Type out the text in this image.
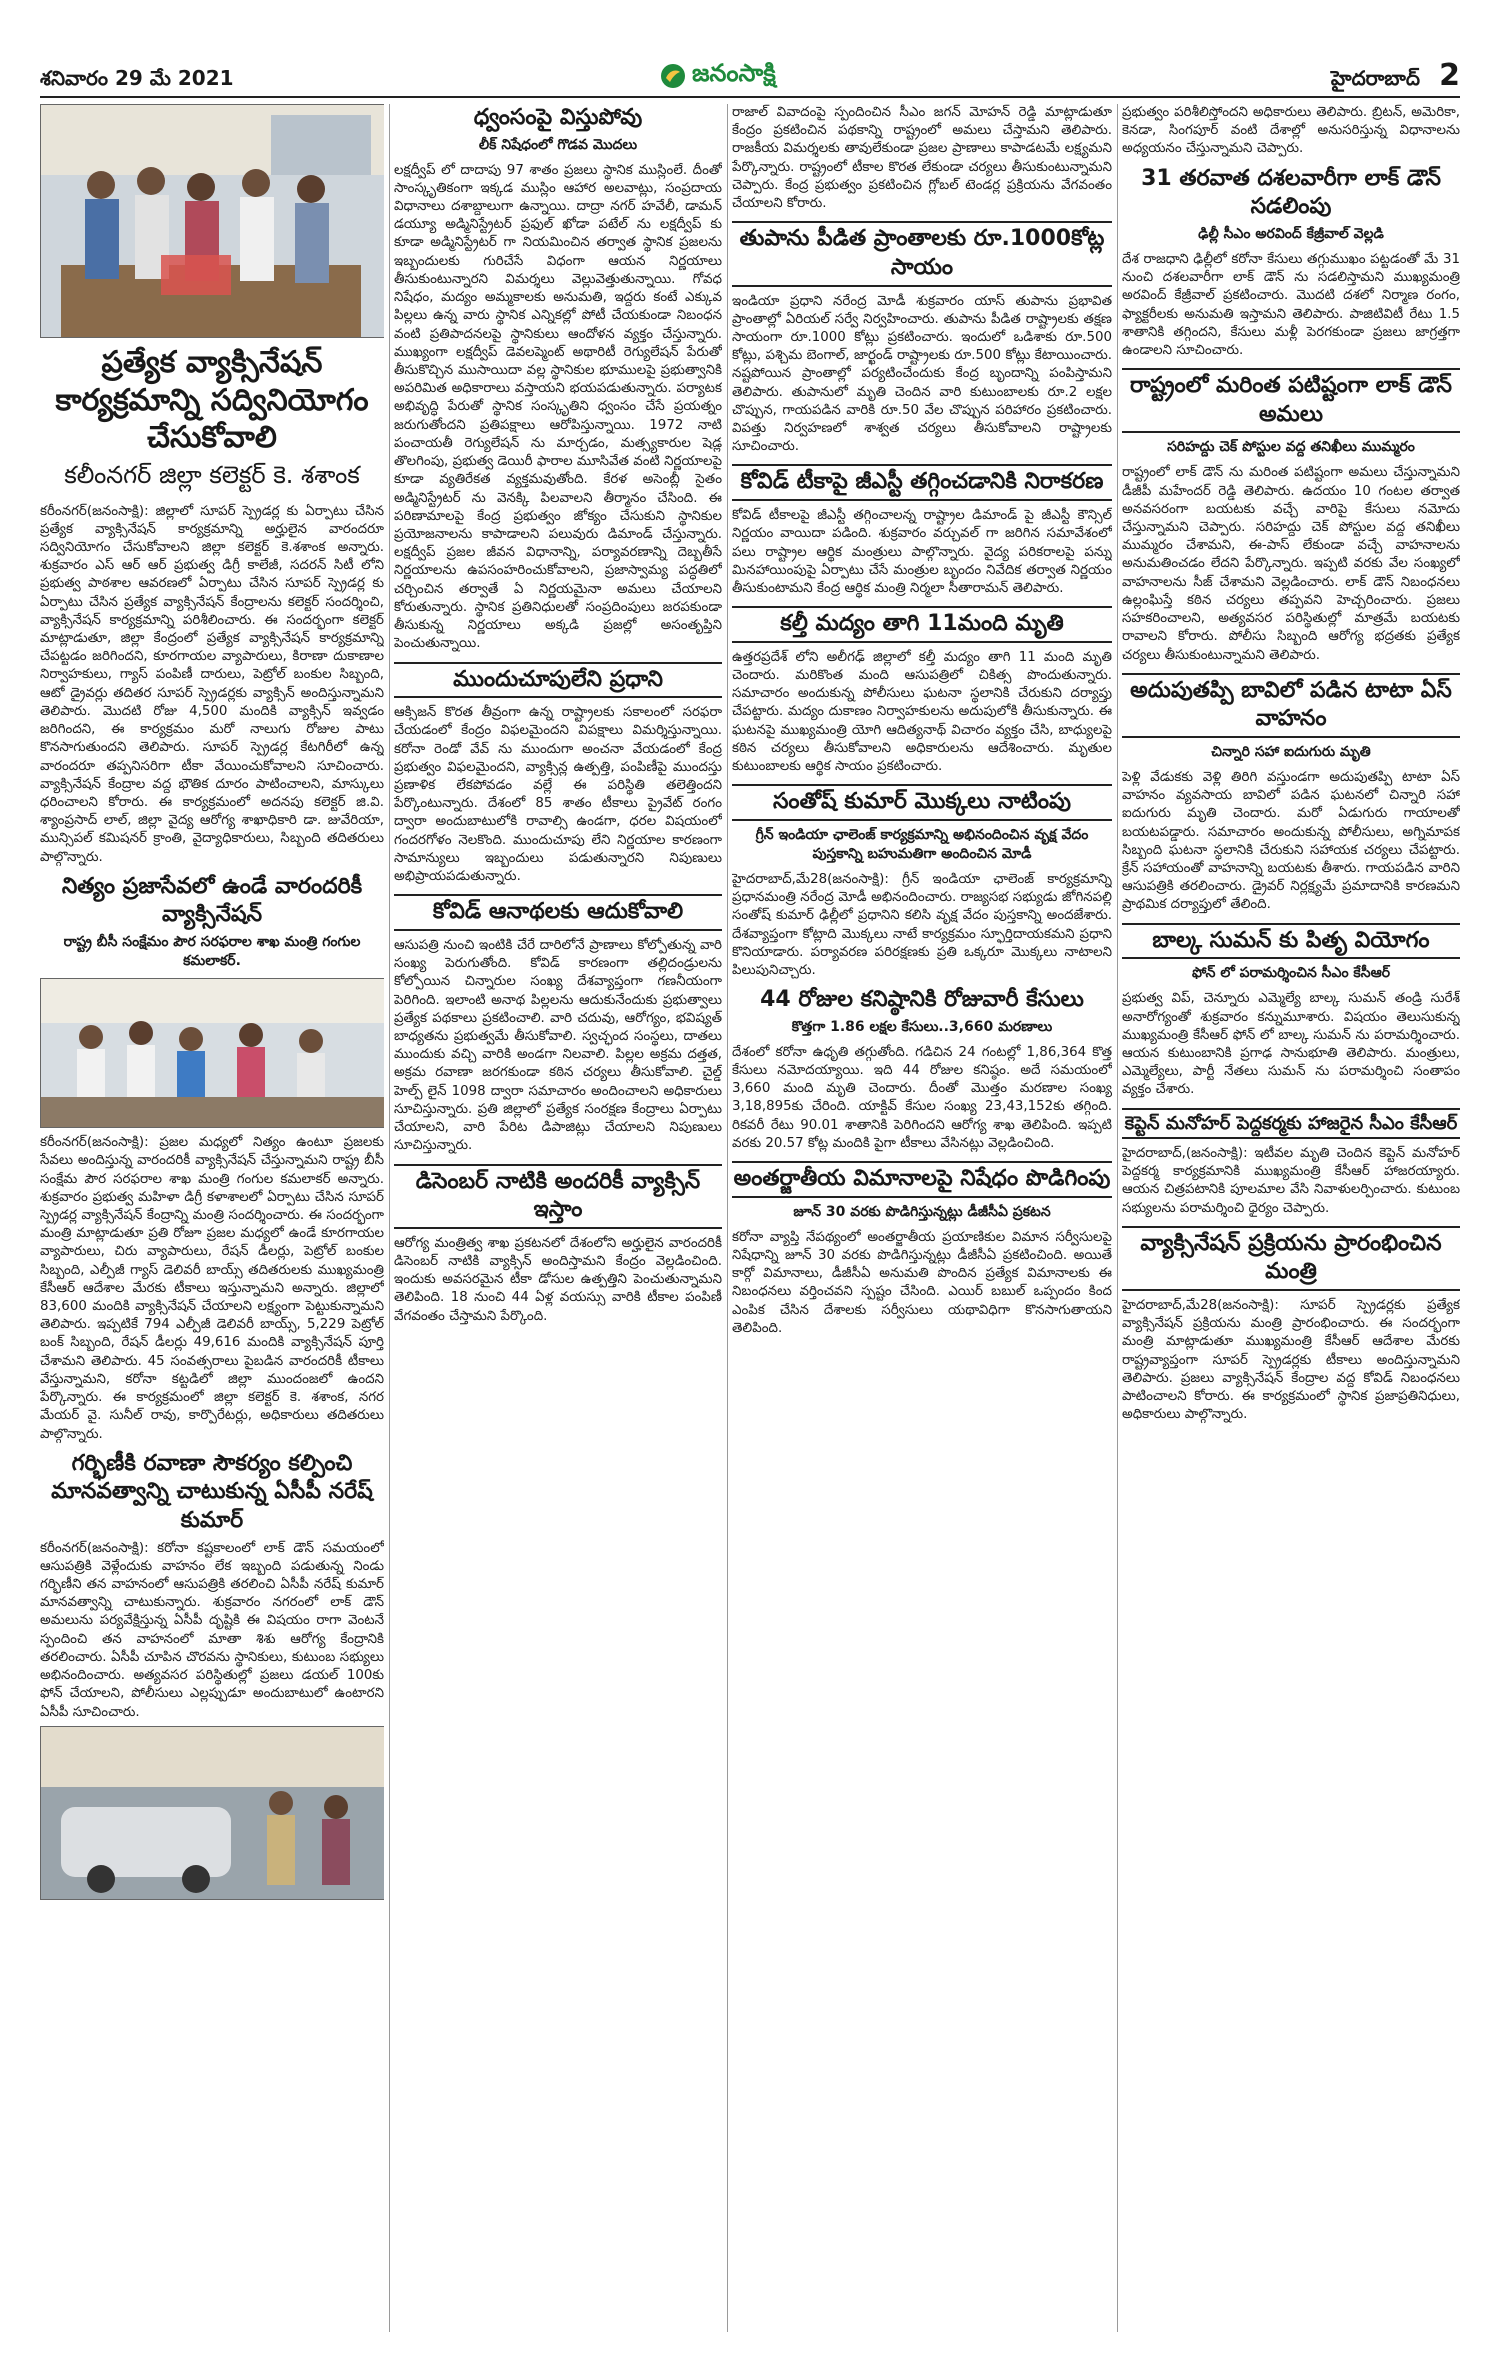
శనివారం 29 మే 2021	జనంసాక్షి	హైదరాబాద్ 2
ప్రత్యేక వ్యాక్సినేషన్ కార్యక్రమాన్ని సద్వినియోగం చేసుకోవాలి
కలీంనగర్ జిల్లా కలెక్టర్ కె. శశాంక

కరీంనగర్(జనంసాక్షి): జిల్లాలో సూపర్ స్ప్రెడర్ల కు ఏర్పాటు చేసిన ప్రత్యేక వ్యాక్సినేషన్ కార్యక్రమాన్ని అర్హులైన వారందరూ సద్వినియోగం చేసుకోవాలని జిల్లా కలెక్టర్ కె.శశాంక అన్నారు. శుక్రవారం ఎస్ ఆర్ ఆర్ ప్రభుత్వ డిగ్రీ కాలేజీ, సదరన్ సిటీ లోని ప్రభుత్వ పాఠశాల ఆవరణలో ఏర్పాటు చేసిన సూపర్ స్ప్రెడర్ల కు ఏర్పాటు చేసిన ప్రత్యేక వ్యాక్సినేషన్ కేంద్రాలను కలెక్టర్ సందర్శించి, వ్యాక్సినేషన్ కార్యక్రమాన్ని పరిశీలించారు. ఈ సందర్భంగా కలెక్టర్ మాట్లాడుతూ, జిల్లా కేంద్రంలో ప్రత్యేక వ్యాక్సినేషన్ కార్యక్రమాన్ని చేపట్టడం జరిగిందని, కూరగాయల వ్యాపారులు, కిరాణా దుకాణాల నిర్వాహకులు, గ్యాస్ పంపిణీ దారులు, పెట్రోల్ బంకుల సిబ్బంది, ఆటో డ్రైవర్లు తదితర సూపర్ స్ప్రెడర్లకు వ్యాక్సిన్ అందిస్తున్నామని తెలిపారు. మొదటి రోజు 4,500 మందికి వ్యాక్సిన్ ఇవ్వడం జరిగిందని, ఈ కార్యక్రమం మరో నాలుగు రోజుల పాటు కొనసాగుతుందని తెలిపారు. సూపర్ స్ప్రెడర్ల కేటగిరీలో ఉన్న వారందరూ తప్పనిసరిగా టీకా వేయించుకోవాలని సూచించారు. వ్యాక్సినేషన్ కేంద్రాల వద్ద భౌతిక దూరం పాటించాలని, మాస్కులు ధరించాలని కోరారు. ఈ కార్యక్రమంలో అదనపు కలెక్టర్ జి.వి. శ్యాంప్రసాద్ లాల్, జిల్లా వైద్య ఆరోగ్య శాఖాధికారి డా. జువేరియా, మున్సిపల్ కమిషనర్ క్రాంతి, వైద్యాధికారులు, సిబ్బంది తదితరులు పాల్గొన్నారు.

నిత్యం ప్రజాసేవలో ఉండే వారందరికీ వ్యాక్సినేషన్
రాష్ట్ర బీసీ సంక్షేమం పౌర సరఫరాల శాఖ మంత్రి గంగుల కమలాకర్.

కరీంనగర్(జనంసాక్షి): ప్రజల మధ్యలో నిత్యం ఉంటూ ప్రజలకు సేవలు అందిస్తున్న వారందరికీ వ్యాక్సినేషన్ చేస్తున్నామని రాష్ట్ర బీసీ సంక్షేమ పౌర సరఫరాల శాఖ మంత్రి గంగుల కమలాకర్ అన్నారు. శుక్రవారం ప్రభుత్వ మహిళా డిగ్రీ కళాశాలలో ఏర్పాటు చేసిన సూపర్ స్ప్రెడర్ల వ్యాక్సినేషన్ కేంద్రాన్ని మంత్రి సందర్శించారు. ఈ సందర్భంగా మంత్రి మాట్లాడుతూ ప్రతి రోజూ ప్రజల మధ్యలో ఉండే కూరగాయల వ్యాపారులు, చిరు వ్యాపారులు, రేషన్ డీలర్లు, పెట్రోల్ బంకుల సిబ్బంది, ఎల్పీజీ గ్యాస్ డెలివరీ బాయ్స్ తదితరులకు ముఖ్యమంత్రి కేసీఆర్ ఆదేశాల మేరకు టీకాలు ఇస్తున్నామని అన్నారు. జిల్లాలో 83,600 మందికి వ్యాక్సినేషన్ చేయాలని లక్ష్యంగా పెట్టుకున్నామని తెలిపారు. ఇప్పటికే 794 ఎల్పీజీ డెలివరీ బాయ్స్, 5,229 పెట్రోల్ బంక్ సిబ్బంది, రేషన్ డీలర్లు 49,616 మందికి వ్యాక్సినేషన్ పూర్తి చేశామని తెలిపారు. 45 సంవత్సరాలు పైబడిన వారందరికీ టీకాలు వేస్తున్నామని, కరోనా కట్టడిలో జిల్లా ముందంజలో ఉందని పేర్కొన్నారు. ఈ కార్యక్రమంలో జిల్లా కలెక్టర్ కె. శశాంక, నగర మేయర్ వై. సునీల్ రావు, కార్పొరేటర్లు, అధికారులు తదితరులు పాల్గొన్నారు.

గర్భిణీకి రవాణా సౌకర్యం కల్పించి మానవత్వాన్ని చాటుకున్న ఏసీపీ నరేష్ కుమార్

కరీంనగర్(జనంసాక్షి): కరోనా కష్టకాలంలో లాక్ డౌన్ సమయంలో ఆసుపత్రికి వెళ్లేందుకు వాహనం లేక ఇబ్బంది పడుతున్న నిండు గర్భిణీని తన వాహనంలో ఆసుపత్రికి తరలించి ఏసీపీ నరేష్ కుమార్ మానవత్వాన్ని చాటుకున్నారు. శుక్రవారం నగరంలో లాక్ డౌన్ అమలును పర్యవేక్షిస్తున్న ఏసీపీ దృష్టికి ఈ విషయం రాగా వెంటనే స్పందించి తన వాహనంలో మాతా శిశు ఆరోగ్య కేంద్రానికి తరలించారు. ఏసీపీ చూపిన చొరవను స్థానికులు, కుటుంబ సభ్యులు అభినందించారు. అత్యవసర పరిస్థితుల్లో ప్రజలు డయల్ 100కు ఫోన్ చేయాలని, పోలీసులు ఎల్లప్పుడూ అందుబాటులో ఉంటారని ఏసీపీ సూచించారు.

ధ్వంసంపై విస్తుపోవు
లీక్ నిషేధంలో గొడవ మొదలు

లక్షద్వీప్ లో దాదాపు 97 శాతం ప్రజలు స్థానిక ముస్లింలే. దీంతో సాంస్కృతికంగా ఇక్కడ ముస్లిం ఆహార అలవాట్లు, సంప్రదాయ విధానాలు దశాబ్దాలుగా ఉన్నాయి. దాద్రా నగర్ హవేలీ, డామన్ డయ్యూ అడ్మినిస్ట్రేటర్ ప్రఫుల్ ఖోడా పటేల్ ను లక్షద్వీప్ కు కూడా అడ్మినిస్ట్రేటర్ గా నియమించిన తర్వాత స్థానిక ప్రజలను ఇబ్బందులకు గురిచేసే విధంగా ఆయన నిర్ణయాలు తీసుకుంటున్నారని విమర్శలు వెల్లువెత్తుతున్నాయి. గోవధ నిషేధం, మద్యం అమ్మకాలకు అనుమతి, ఇద్దరు కంటే ఎక్కువ పిల్లలు ఉన్న వారు స్థానిక ఎన్నికల్లో పోటీ చేయకుండా నిబంధన వంటి ప్రతిపాదనలపై స్థానికులు ఆందోళన వ్యక్తం చేస్తున్నారు. ముఖ్యంగా లక్షద్వీప్ డెవలప్మెంట్ అథారిటీ రెగ్యులేషన్ పేరుతో తీసుకొచ్చిన ముసాయిదా వల్ల స్థానికుల భూములపై ప్రభుత్వానికి అపరిమిత అధికారాలు వస్తాయని భయపడుతున్నారు. పర్యాటక అభివృద్ధి పేరుతో స్థానిక సంస్కృతిని ధ్వంసం చేసే ప్రయత్నం జరుగుతోందని ప్రతిపక్షాలు ఆరోపిస్తున్నాయి. 1972 నాటి పంచాయతీ రెగ్యులేషన్ ను మార్చడం, మత్స్యకారుల షెడ్ల తొలగింపు, ప్రభుత్వ డెయిరీ ఫారాల మూసివేత వంటి నిర్ణయాలపై కూడా వ్యతిరేకత వ్యక్తమవుతోంది. కేరళ అసెంబ్లీ సైతం అడ్మినిస్ట్రేటర్ ను వెనక్కి పిలవాలని తీర్మానం చేసింది. ఈ పరిణామాలపై కేంద్ర ప్రభుత్వం జోక్యం చేసుకుని స్థానికుల ప్రయోజనాలను కాపాడాలని పలువురు డిమాండ్ చేస్తున్నారు. లక్షద్వీప్ ప్రజల జీవన విధానాన్ని, పర్యావరణాన్ని దెబ్బతీసే నిర్ణయాలను ఉపసంహరించుకోవాలని, ప్రజాస్వామ్య పద్ధతిలో చర్చించిన తర్వాతే ఏ నిర్ణయమైనా అమలు చేయాలని కోరుతున్నారు. స్థానిక ప్రతినిధులతో సంప్రదింపులు జరపకుండా తీసుకున్న నిర్ణయాలు అక్కడి ప్రజల్లో అసంతృప్తిని పెంచుతున్నాయి.

ముందుచూపులేని ప్రధాని

ఆక్సిజన్ కొరత తీవ్రంగా ఉన్న రాష్ట్రాలకు సకాలంలో సరఫరా చేయడంలో కేంద్రం విఫలమైందని విపక్షాలు విమర్శిస్తున్నాయి. కరోనా రెండో వేవ్ ను ముందుగా అంచనా వేయడంలో కేంద్ర ప్రభుత్వం విఫలమైందని, వ్యాక్సిన్ల ఉత్పత్తి, పంపిణీపై ముందస్తు ప్రణాళిక లేకపోవడం వల్లే ఈ పరిస్థితి తలెత్తిందని పేర్కొంటున్నారు. దేశంలో 85 శాతం టీకాలు ప్రైవేట్ రంగం ద్వారా అందుబాటులోకి రావాల్సి ఉండగా, ధరల విషయంలో గందరగోళం నెలకొంది. ముందుచూపు లేని నిర్ణయాల కారణంగా సామాన్యులు ఇబ్బందులు పడుతున్నారని నిపుణులు అభిప్రాయపడుతున్నారు.

కోవిడ్ ఆనాథలకు ఆదుకోవాలి

ఆసుపత్రి నుంచి ఇంటికి చేరే దారిలోనే ప్రాణాలు కోల్పోతున్న వారి సంఖ్య పెరుగుతోంది. కోవిడ్ కారణంగా తల్లిదండ్రులను కోల్పోయిన చిన్నారుల సంఖ్య దేశవ్యాప్తంగా గణనీయంగా పెరిగింది. ఇలాంటి అనాథ పిల్లలను ఆదుకునేందుకు ప్రభుత్వాలు ప్రత్యేక పథకాలు ప్రకటించాలి. వారి చదువు, ఆరోగ్యం, భవిష్యత్ బాధ్యతను ప్రభుత్వమే తీసుకోవాలి. స్వచ్ఛంద సంస్థలు, దాతలు ముందుకు వచ్చి వారికి అండగా నిలవాలి. పిల్లల అక్రమ దత్తత, అక్రమ రవాణా జరగకుండా కఠిన చర్యలు తీసుకోవాలి. చైల్డ్ హెల్ప్ లైన్ 1098 ద్వారా సమాచారం అందించాలని అధికారులు సూచిస్తున్నారు. ప్రతి జిల్లాలో ప్రత్యేక సంరక్షణ కేంద్రాలు ఏర్పాటు చేయాలని, వారి పేరిట డిపాజిట్లు చేయాలని నిపుణులు సూచిస్తున్నారు.

డిసెంబర్ నాటికి అందరికీ వ్యాక్సిన్ ఇస్తాం

ఆరోగ్య మంత్రిత్వ శాఖ ప్రకటనలో దేశంలోని అర్హులైన వారందరికీ డిసెంబర్ నాటికి వ్యాక్సిన్ అందిస్తామని కేంద్రం వెల్లడించింది. ఇందుకు అవసరమైన టీకా డోసుల ఉత్పత్తిని పెంచుతున్నామని తెలిపింది. 18 నుంచి 44 ఏళ్ల వయస్సు వారికి టీకాల పంపిణీ వేగవంతం చేస్తామని పేర్కొంది.

రాజాల్ వివాదంపై స్పందించిన సీఎం జగన్ మోహన్ రెడ్డి మాట్లాడుతూ కేంద్రం ప్రకటించిన పథకాన్ని రాష్ట్రంలో అమలు చేస్తామని తెలిపారు. రాజకీయ విమర్శలకు తావులేకుండా ప్రజల ప్రాణాలు కాపాడటమే లక్ష్యమని పేర్కొన్నారు. రాష్ట్రంలో టీకాల కొరత లేకుండా చర్యలు తీసుకుంటున్నామని చెప్పారు. కేంద్ర ప్రభుత్వం ప్రకటించిన గ్లోబల్ టెండర్ల ప్రక్రియను వేగవంతం చేయాలని కోరారు.

తుపాను పీడిత ప్రాంతాలకు రూ.1000కోట్ల సాయం

ఇండియా ప్రధాని నరేంద్ర మోడీ శుక్రవారం యాస్ తుపాను ప్రభావిత ప్రాంతాల్లో ఏరియల్ సర్వే నిర్వహించారు. తుపాను పీడిత రాష్ట్రాలకు తక్షణ సాయంగా రూ.1000 కోట్లు ప్రకటించారు. ఇందులో ఒడిశాకు రూ.500 కోట్లు, పశ్చిమ బెంగాల్, జార్ఖండ్ రాష్ట్రాలకు రూ.500 కోట్లు కేటాయించారు. నష్టపోయిన ప్రాంతాల్లో పర్యటించేందుకు కేంద్ర బృందాన్ని పంపిస్తామని తెలిపారు. తుపానులో మృతి చెందిన వారి కుటుంబాలకు రూ.2 లక్షల చొప్పున, గాయపడిన వారికి రూ.50 వేల చొప్పున పరిహారం ప్రకటించారు. విపత్తు నిర్వహణలో శాశ్వత చర్యలు తీసుకోవాలని రాష్ట్రాలకు సూచించారు.

కోవిడ్ టీకాపై జీఎస్టీ తగ్గించడానికి నిరాకరణ

కోవిడ్ టీకాలపై జీఎస్టీ తగ్గించాలన్న రాష్ట్రాల డిమాండ్ పై జీఎస్టీ కౌన్సిల్ నిర్ణయం వాయిదా పడింది. శుక్రవారం వర్చువల్ గా జరిగిన సమావేశంలో పలు రాష్ట్రాల ఆర్థిక మంత్రులు పాల్గొన్నారు. వైద్య పరికరాలపై పన్ను మినహాయింపుపై ఏర్పాటు చేసే మంత్రుల బృందం నివేదిక తర్వాత నిర్ణయం తీసుకుంటామని కేంద్ర ఆర్థిక మంత్రి నిర్మలా సీతారామన్ తెలిపారు.

కల్తీ మద్యం తాగి 11మంది మృతి

ఉత్తరప్రదేశ్ లోని అలీగఢ్ జిల్లాలో కల్తీ మద్యం తాగి 11 మంది మృతి చెందారు. మరికొంత మంది ఆసుపత్రిలో చికిత్స పొందుతున్నారు. సమాచారం అందుకున్న పోలీసులు ఘటనా స్థలానికి చేరుకుని దర్యాప్తు చేపట్టారు. మద్యం దుకాణం నిర్వాహకులను అదుపులోకి తీసుకున్నారు. ఈ ఘటనపై ముఖ్యమంత్రి యోగి ఆదిత్యనాథ్ విచారం వ్యక్తం చేసి, బాధ్యులపై కఠిన చర్యలు తీసుకోవాలని అధికారులను ఆదేశించారు. మృతుల కుటుంబాలకు ఆర్థిక సాయం ప్రకటించారు.

సంతోష్ కుమార్ మొక్కలు నాటింపు
గ్రీన్ ఇండియా ఛాలెంజ్ కార్యక్రమాన్ని అభినందించిన వృక్ష వేదం పుస్తకాన్ని బహుమతిగా అందించిన మోడీ

హైదరాబాద్,మే28(జనంసాక్షి): గ్రీన్ ఇండియా ఛాలెంజ్ కార్యక్రమాన్ని ప్రధానమంత్రి నరేంద్ర మోడీ అభినందించారు. రాజ్యసభ సభ్యుడు జోగినపల్లి సంతోష్ కుమార్ ఢిల్లీలో ప్రధానిని కలిసి వృక్ష వేదం పుస్తకాన్ని అందజేశారు. దేశవ్యాప్తంగా కోట్లాది మొక్కలు నాటే కార్యక్రమం స్ఫూర్తిదాయకమని ప్రధాని కొనియాడారు. పర్యావరణ పరిరక్షణకు ప్రతి ఒక్కరూ మొక్కలు నాటాలని పిలుపునిచ్చారు.

44 రోజుల కనిష్ఠానికి రోజువారీ కేసులు
కొత్తగా 1.86 లక్షల కేసులు..3,660 మరణాలు

దేశంలో కరోనా ఉధృతి తగ్గుతోంది. గడిచిన 24 గంటల్లో 1,86,364 కొత్త కేసులు నమోదయ్యాయి. ఇది 44 రోజుల కనిష్ఠం. అదే సమయంలో 3,660 మంది మృతి చెందారు. దీంతో మొత్తం మరణాల సంఖ్య 3,18,895కు చేరింది. యాక్టివ్ కేసుల సంఖ్య 23,43,152కు తగ్గింది. రికవరీ రేటు 90.01 శాతానికి పెరిగిందని ఆరోగ్య శాఖ తెలిపింది. ఇప్పటి వరకు 20.57 కోట్ల మందికి పైగా టీకాలు వేసినట్లు వెల్లడించింది.

అంతర్జాతీయ విమానాలపై నిషేధం పొడిగింపు
జూన్ 30 వరకు పొడిగిస్తున్నట్లు డీజీసీఏ ప్రకటన

కరోనా వ్యాప్తి నేపథ్యంలో అంతర్జాతీయ ప్రయాణికుల విమాన సర్వీసులపై నిషేధాన్ని జూన్ 30 వరకు పొడిగిస్తున్నట్లు డీజీసీఏ ప్రకటించింది. అయితే కార్గో విమానాలు, డీజీసీఏ అనుమతి పొందిన ప్రత్యేక విమానాలకు ఈ నిబంధనలు వర్తించవని స్పష్టం చేసింది. ఎయిర్ బబుల్ ఒప్పందం కింద ఎంపిక చేసిన దేశాలకు సర్వీసులు యథావిధిగా కొనసాగుతాయని తెలిపింది.

ప్రభుత్వం పరిశీలిస్తోందని అధికారులు తెలిపారు. బ్రిటన్, అమెరికా, కెనడా, సింగపూర్ వంటి దేశాల్లో అనుసరిస్తున్న విధానాలను అధ్యయనం చేస్తున్నామని చెప్పారు.

31 తరవాత దశలవారీగా లాక్ డౌన్ సడలింపు
ఢిల్లీ సీఎం అరవింద్ కేజ్రీవాల్ వెల్లడి

దేశ రాజధాని ఢిల్లీలో కరోనా కేసులు తగ్గుముఖం పట్టడంతో మే 31 నుంచి దశలవారీగా లాక్ డౌన్ ను సడలిస్తామని ముఖ్యమంత్రి అరవింద్ కేజ్రీవాల్ ప్రకటించారు. మొదటి దశలో నిర్మాణ రంగం, ఫ్యాక్టరీలకు అనుమతి ఇస్తామని తెలిపారు. పాజిటివిటీ రేటు 1.5 శాతానికి తగ్గిందని, కేసులు మళ్లీ పెరగకుండా ప్రజలు జాగ్రత్తగా ఉండాలని సూచించారు.

రాష్ట్రంలో మరింత పటిష్టంగా లాక్ డౌన్ అమలు
సరిహద్దు చెక్ పోస్టుల వద్ద తనిఖీలు ముమ్మరం

రాష్ట్రంలో లాక్ డౌన్ ను మరింత పటిష్టంగా అమలు చేస్తున్నామని డీజీపీ మహేందర్ రెడ్డి తెలిపారు. ఉదయం 10 గంటల తర్వాత అనవసరంగా బయటకు వచ్చే వారిపై కేసులు నమోదు చేస్తున్నామని చెప్పారు. సరిహద్దు చెక్ పోస్టుల వద్ద తనిఖీలు ముమ్మరం చేశామని, ఈ-పాస్ లేకుండా వచ్చే వాహనాలను అనుమతించడం లేదని పేర్కొన్నారు. ఇప్పటి వరకు వేల సంఖ్యలో వాహనాలను సీజ్ చేశామని వెల్లడించారు. లాక్ డౌన్ నిబంధనలు ఉల్లంఘిస్తే కఠిన చర్యలు తప్పవని హెచ్చరించారు. ప్రజలు సహకరించాలని, అత్యవసర పరిస్థితుల్లో మాత్రమే బయటకు రావాలని కోరారు. పోలీసు సిబ్బంది ఆరోగ్య భద్రతకు ప్రత్యేక చర్యలు తీసుకుంటున్నామని తెలిపారు.

అదుపుతప్పి బావిలో పడిన టాటా ఏస్ వాహనం
చిన్నారి సహా ఐదుగురు మృతి

పెళ్లి వేడుకకు వెళ్లి తిరిగి వస్తుండగా అదుపుతప్పి టాటా ఏస్ వాహనం వ్యవసాయ బావిలో పడిన ఘటనలో చిన్నారి సహా ఐదుగురు మృతి చెందారు. మరో ఏడుగురు గాయాలతో బయటపడ్డారు. సమాచారం అందుకున్న పోలీసులు, అగ్నిమాపక సిబ్బంది ఘటనా స్థలానికి చేరుకుని సహాయక చర్యలు చేపట్టారు. క్రేన్ సహాయంతో వాహనాన్ని బయటకు తీశారు. గాయపడిన వారిని ఆసుపత్రికి తరలించారు. డ్రైవర్ నిర్లక్ష్యమే ప్రమాదానికి కారణమని ప్రాథమిక దర్యాప్తులో తేలింది.

బాల్క సుమన్ కు పితృ వియోగం
ఫోన్ లో పరామర్శించిన సీఎం కేసీఆర్

ప్రభుత్వ విప్, చెన్నూరు ఎమ్మెల్యే బాల్క సుమన్ తండ్రి సురేశ్ అనారోగ్యంతో శుక్రవారం కన్నుమూశారు. విషయం తెలుసుకున్న ముఖ్యమంత్రి కేసీఆర్ ఫోన్ లో బాల్క సుమన్ ను పరామర్శించారు. ఆయన కుటుంబానికి ప్రగాఢ సానుభూతి తెలిపారు. మంత్రులు, ఎమ్మెల్యేలు, పార్టీ నేతలు సుమన్ ను పరామర్శించి సంతాపం వ్యక్తం చేశారు.

కెప్టెన్ మనోహర్ పెద్దకర్మకు హాజరైన సీఎం కేసీఆర్

హైదరాబాద్,(జనంసాక్షి): ఇటీవల మృతి చెందిన కెప్టెన్ మనోహర్ పెద్దకర్మ కార్యక్రమానికి ముఖ్యమంత్రి కేసీఆర్ హాజరయ్యారు. ఆయన చిత్రపటానికి పూలమాల వేసి నివాళులర్పించారు. కుటుంబ సభ్యులను పరామర్శించి ధైర్యం చెప్పారు.

వ్యాక్సినేషన్ ప్రక్రియను ప్రారంభించిన మంత్రి

హైదరాబాద్,మే28(జనంసాక్షి): సూపర్ స్ప్రెడర్లకు ప్రత్యేక వ్యాక్సినేషన్ ప్రక్రియను మంత్రి ప్రారంభించారు. ఈ సందర్భంగా మంత్రి మాట్లాడుతూ ముఖ్యమంత్రి కేసీఆర్ ఆదేశాల మేరకు రాష్ట్రవ్యాప్తంగా సూపర్ స్ప్రెడర్లకు టీకాలు అందిస్తున్నామని తెలిపారు. ప్రజలు వ్యాక్సినేషన్ కేంద్రాల వద్ద కోవిడ్ నిబంధనలు పాటించాలని కోరారు. ఈ కార్యక్రమంలో స్థానిక ప్రజాప్రతినిధులు, అధికారులు పాల్గొన్నారు.
